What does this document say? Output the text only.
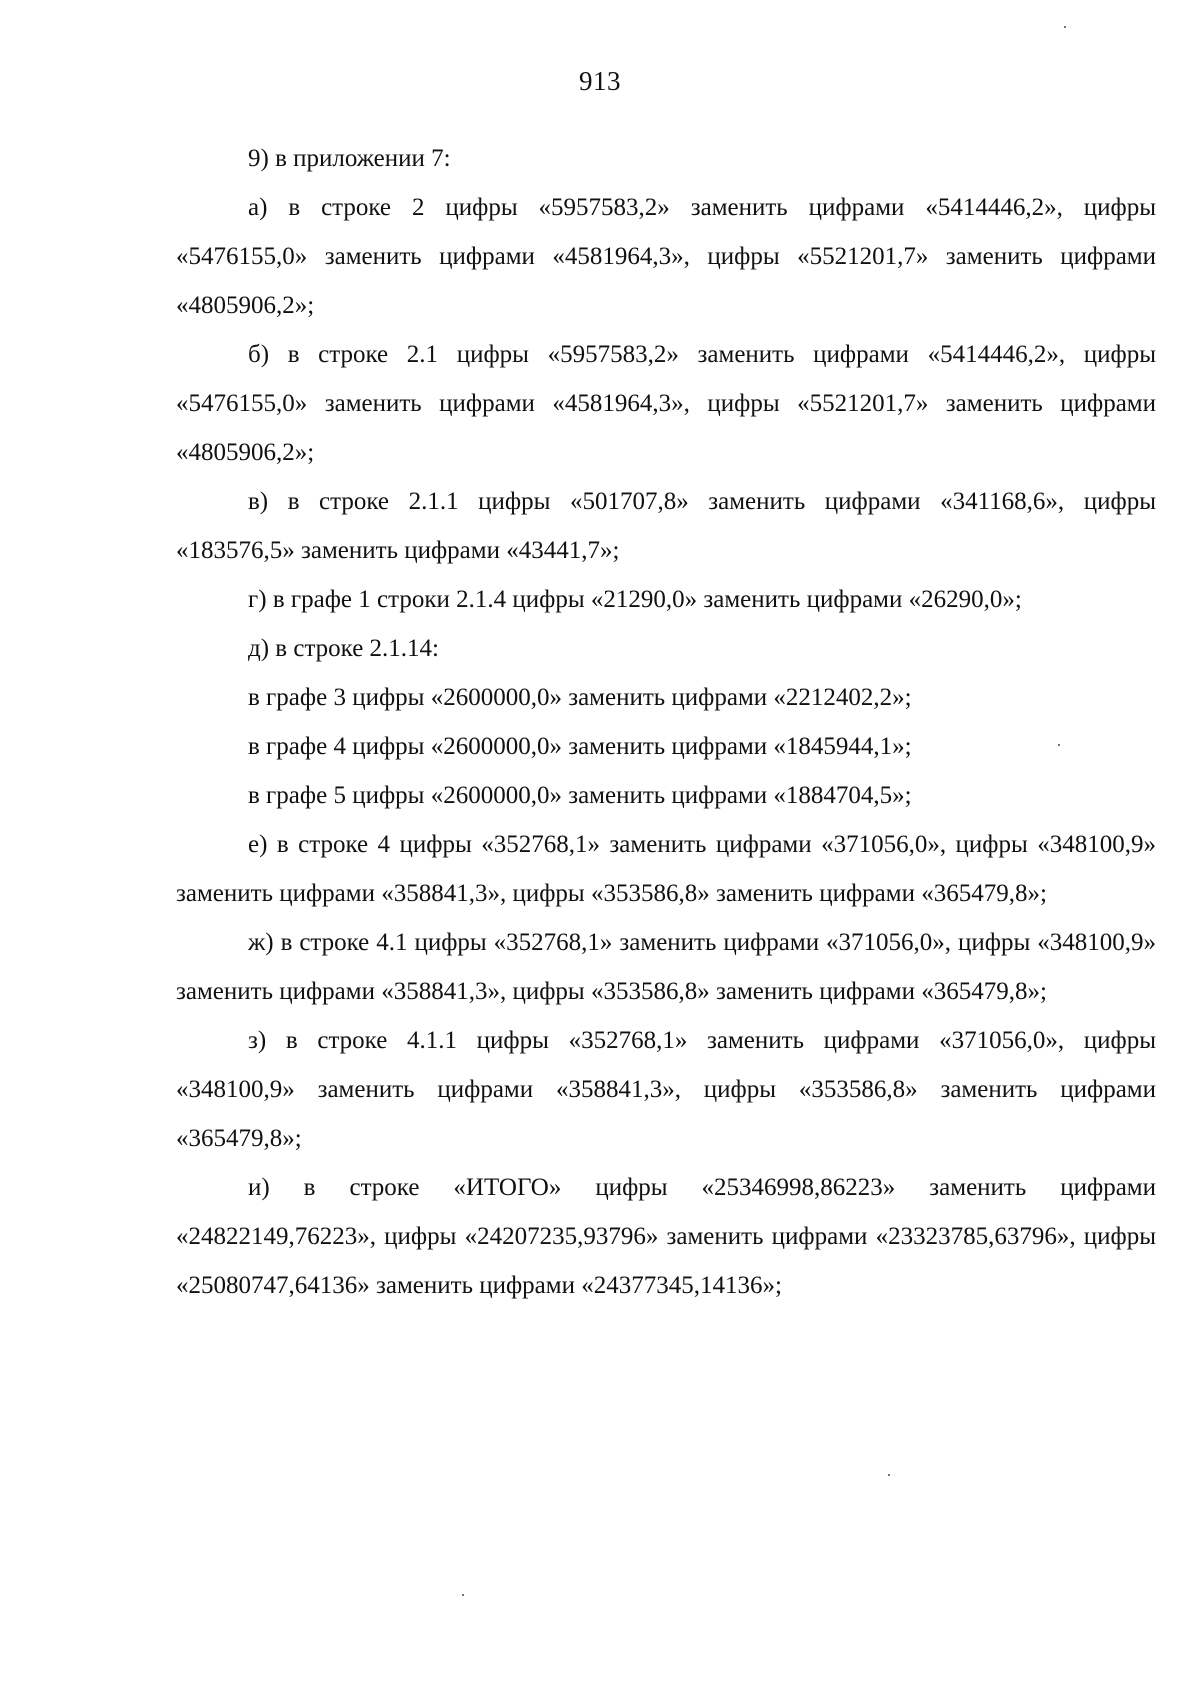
913

9) в приложении 7:

а) в строке 2 цифры «5957583,2» заменить цифрами «5414446,2», цифры «5476155,0» заменить цифрами «4581964,3», цифры «5521201,7» заменить цифрами «4805906,2»;

б) в строке 2.1 цифры «5957583,2» заменить цифрами «5414446,2», цифры «5476155,0» заменить цифрами «4581964,3», цифры «5521201,7» заменить цифрами «4805906,2»;

в) в строке 2.1.1 цифры «501707,8» заменить цифрами «341168,6», цифры «183576,5» заменить цифрами «43441,7»;

г) в графе 1 строки 2.1.4 цифры «21290,0» заменить цифрами «26290,0»;

д) в строке 2.1.14:

в графе 3 цифры «2600000,0» заменить цифрами «2212402,2»;

в графе 4 цифры «2600000,0» заменить цифрами «1845944,1»;

в графе 5 цифры «2600000,0» заменить цифрами «1884704,5»;

е) в строке 4 цифры «352768,1» заменить цифрами «371056,0», цифры «348100,9» заменить цифрами «358841,3», цифры «353586,8» заменить цифрами «365479,8»;

ж) в строке 4.1 цифры «352768,1» заменить цифрами «371056,0», цифры «348100,9» заменить цифрами «358841,3», цифры «353586,8» заменить цифрами «365479,8»;

з) в строке 4.1.1 цифры «352768,1» заменить цифрами «371056,0», цифры «348100,9» заменить цифрами «358841,3», цифры «353586,8» заменить цифрами «365479,8»;

и) в строке «ИТОГО» цифры «25346998,86223» заменить цифрами «24822149,76223», цифры «24207235,93796» заменить цифрами «23323785,63796», цифры «25080747,64136» заменить цифрами «24377345,14136»;
